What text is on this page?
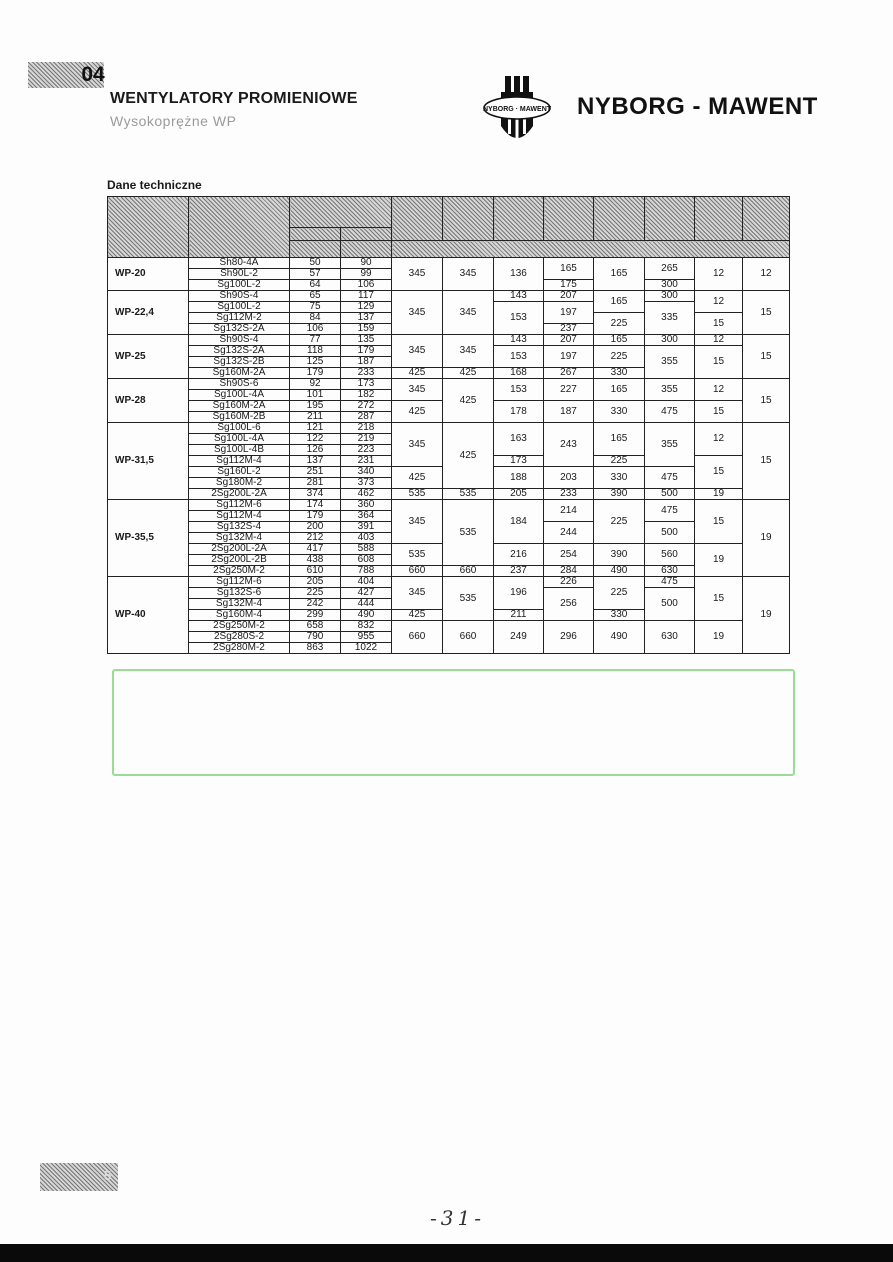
04
WENTYLATORY PROMIENIOWE
Wysokoprężne WP
NYBORG · MAWENT NYBORG - MAWENT
Dane techniczne

WP-20	Sh80-4A	50	90	345	345	136	165	165	265	12	12
	Sh90L-2	57	99								
	Sg100L-2	64	106				175		300		
WP-22,4	Sh90S-4	65	117	345	345	143	207	165	300	12	15
	Sg100L-2	75	129			153	197		335		
	Sg112M-2	84	137					225		15	
	Sg132S-2A	106	159				237				
WP-25	Sh90S-4	77	135	345	345	143	207	165	300	12	15
	Sg132S-2A	118	179			153	197	225	355	15	
	Sg132S-2B	125	187								
	Sg160M-2A	179	233	425	425	168	267	330			
WP-28	Sh90S-6	92	173	345	425	153	227	165	355	12	15
	Sg100L-4A	101	182								
	Sg160M-2A	195	272	425		178	187	330	475	15	
	Sg160M-2B	211	287								
WP-31,5	Sg100L-6	121	218	345	425	163	243	165	355	12	15
	Sg100L-4A	122	219								
	Sg100L-4B	126	223								
	Sg112M-4	137	231			173		225		15	
	Sg160L-2	251	340	425		188	203	330	475		
	Sg180M-2	281	373								
	2Sg200L-2A	374	462	535	535	205	233	390	500	19	
WP-35,5	Sg112M-6	174	360	345	535	184	214	225	475	15	19
	Sg112M-4	179	364								
	Sg132S-4	200	391				244		500		
	Sg132M-4	212	403								
	2Sg200L-2A	417	588	535		216	254	390	560	19	
	2Sg200L-2B	438	608								
	2Sg250M-2	610	788	660	660	237	284	490	630		
WP-40	Sg112M-6	205	404	345	535	196	226	225	475	15	19
	Sg132S-6	225	427				256		500		
	Sg132M-4	242	444								
	Sg160M-4	299	490	425		211		330			
	2Sg250M-2	658	832	660	660	249	296	490	630	19	
	2Sg280S-2	790	955								
	2Sg280M-2	863	1022								
5
-31-
